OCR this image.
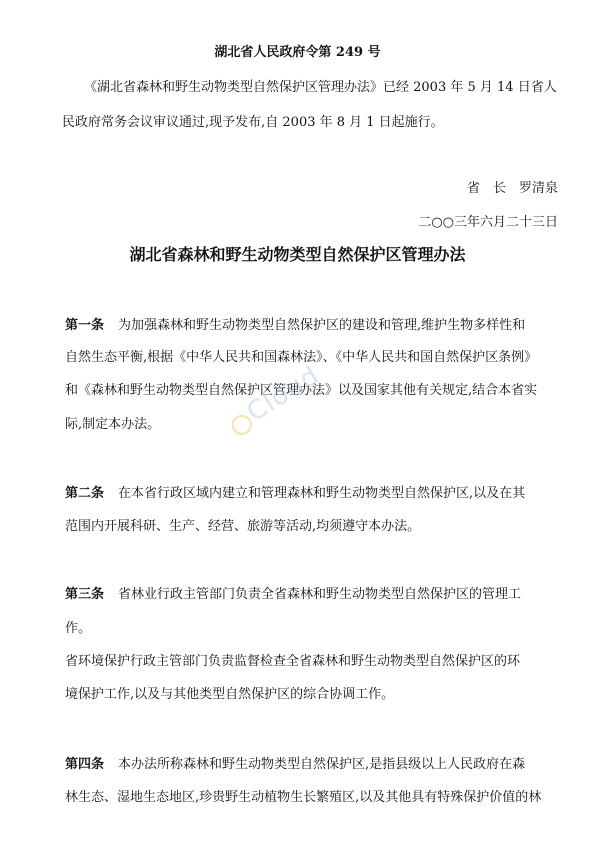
湖北省人民政府令第 249 号
《湖北省森林和野生动物类型自然保护区管理办法》已经 2003 年 5 月 14 日省人
民政府常务会议审议通过,现予发布,自 2003 年 8 月 1 日起施行。
省　长　罗清泉
二○○三年六月二十三日
湖北省森林和野生动物类型自然保护区管理办法
第一条 为加强森林和野生动物类型自然保护区的建设和管理,维护生物多样性和
自然生态平衡,根据《中华人民共和国森林法》、《中华人民共和国自然保护区条例》
和《森林和野生动物类型自然保护区管理办法》以及国家其他有关规定,结合本省实
际,制定本办法。
第二条 在本省行政区域内建立和管理森林和野生动物类型自然保护区,以及在其
范围内开展科研、生产、经营、旅游等活动,均须遵守本办法。
第三条 省林业行政主管部门负责全省森林和野生动物类型自然保护区的管理工
作。
省环境保护行政主管部门负责监督检查全省森林和野生动物类型自然保护区的环
境保护工作,以及与其他类型自然保护区的综合协调工作。
第四条 本办法所称森林和野生动物类型自然保护区,是指县级以上人民政府在森
林生态、湿地生态地区,珍贵野生动植物生长繁殖区,以及其他具有特殊保护价值的林
Cloud
